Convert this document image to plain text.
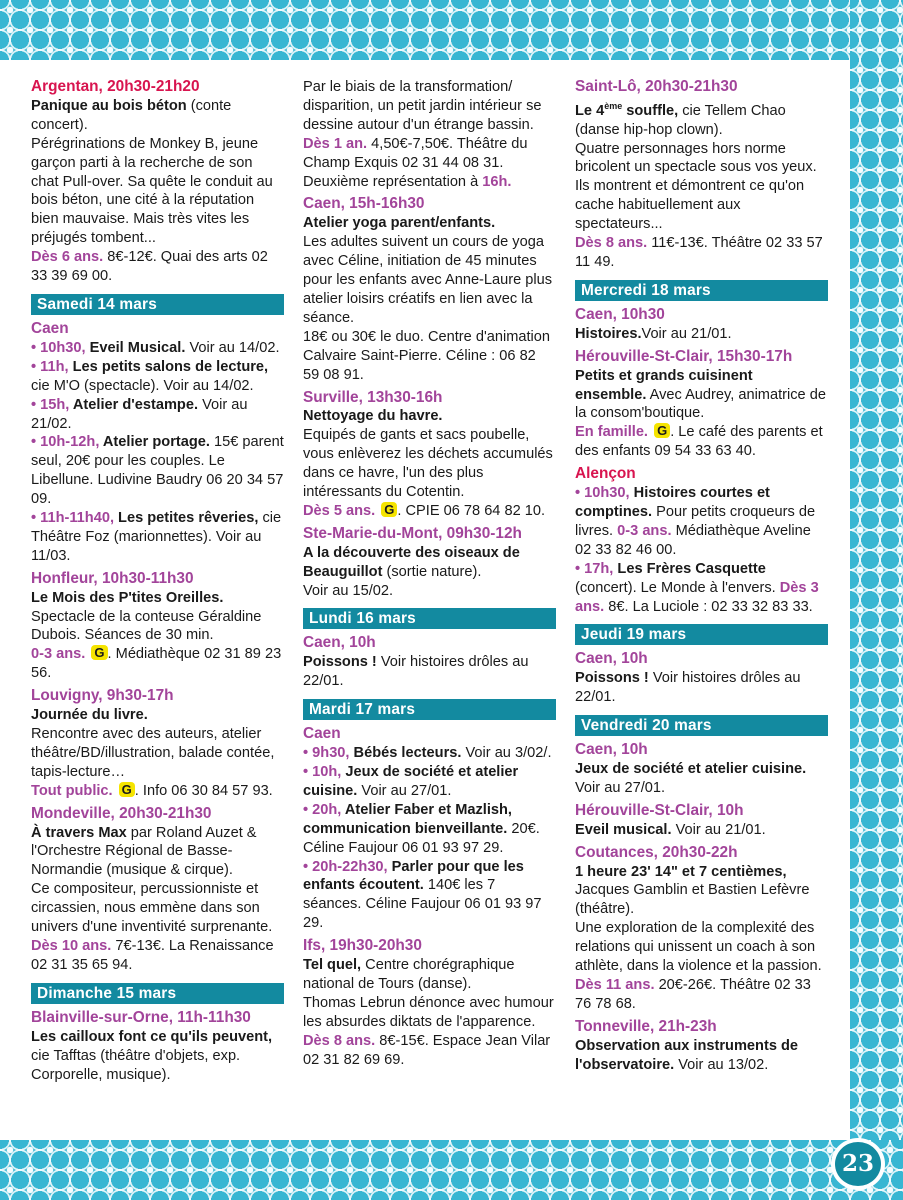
Argentan, 20h30-21h20
Panique au bois béton (conte concert).
Pérégrinations de Monkey B, jeune garçon parti à la recherche de son chat Pull-over. Sa quête le conduit au bois béton, une cité à la réputation bien mauvaise. Mais très vites les préjugés tombent...
Dès 6 ans. 8€-12€. Quai des arts 02 33 39 69 00.
Samedi 14 mars
Caen
• 10h30, Eveil Musical. Voir au 14/02.
• 11h, Les petits salons de lecture, cie M'O (spectacle). Voir au 14/02.
• 15h, Atelier d'estampe. Voir au 21/02.
• 10h-12h, Atelier portage. 15€ parent seul, 20€ pour les couples. Le Libellune. Ludivine Baudry 06 20 34 57 09.
• 11h-11h40, Les petites rêveries, cie Théâtre Foz (marionnettes). Voir au 11/03.
Honfleur, 10h30-11h30
Le Mois des P'tites Oreilles.
Spectacle de la conteuse Géraldine Dubois. Séances de 30 min.
0-3 ans. G . Médiathèque 02 31 89 23 56.
Louvigny, 9h30-17h
Journée du livre.
Rencontre avec des auteurs, atelier théâtre/BD/illustration, balade contée, tapis-lecture…
Tout public. G . Info 06 30 84 57 93.
Mondeville, 20h30-21h30
À travers Max par Roland Auzet & l'Orchestre Régional de Basse-Normandie (musique & cirque).
Ce compositeur, percussionniste et circassien, nous emmène dans son univers d'une inventivité surprenante.
Dès 10 ans. 7€-13€. La Renaissance 02 31 35 65 94.
Dimanche 15 mars
Blainville-sur-Orne, 11h-11h30
Les cailloux font ce qu'ils peuvent, cie Tafftas (théâtre d'objets, exp. Corporelle, musique).
Par le biais de la transformation/ disparition, un petit jardin intérieur se dessine autour d'un étrange bassin.
Dès 1 an. 4,50€-7,50€. Théâtre du Champ Exquis 02 31 44 08 31. Deuxième représentation à 16h.
Caen, 15h-16h30
Atelier yoga parent/enfants.
Les adultes suivent un cours de yoga avec Céline, initiation de 45 minutes pour les enfants avec Anne-Laure plus atelier loisirs créatifs en lien avec la séance.
18€ ou 30€ le duo. Centre d'animation Calvaire Saint-Pierre. Céline : 06 82 59 08 91.
Surville, 13h30-16h
Nettoyage du havre.
Equipés de gants et sacs poubelle, vous enlèverez les déchets accumulés dans ce havre, l'un des plus intéressants du Cotentin.
Dès 5 ans. G . CPIE 06 78 64 82 10.
Ste-Marie-du-Mont, 09h30-12h
A la découverte des oiseaux de Beauguillot (sortie nature).
Voir au 15/02.
Lundi 16 mars
Caen, 10h
Poissons ! Voir histoires drôles au 22/01.
Mardi 17 mars
Caen
• 9h30, Bébés lecteurs. Voir au 3/02/.
• 10h, Jeux de société et atelier cuisine. Voir au 27/01.
• 20h, Atelier Faber et Mazlish, communication bienveillante. 20€. Céline Faujour 06 01 93 97 29.
• 20h-22h30, Parler pour que les enfants écoutent. 140€ les 7 séances. Céline Faujour 06 01 93 97 29.
Ifs, 19h30-20h30
Tel quel, Centre chorégraphique national de Tours (danse).
Thomas Lebrun dénonce avec humour les absurdes diktats de l'apparence.
Dès 8 ans. 8€-15€. Espace Jean Vilar 02 31 82 69 69.
Saint-Lô, 20h30-21h30
Le 4ème souffle, cie Tellem Chao (danse hip-hop clown).
Quatre personnages hors norme bricolent un spectacle sous vos yeux. Ils montrent et démontrent ce qu'on cache habituellement aux spectateurs...
Dès 8 ans. 11€-13€. Théâtre 02 33 57 11 49.
Mercredi 18 mars
Caen, 10h30
Histoires.Voir au 21/01.
Hérouville-St-Clair, 15h30-17h
Petits et grands cuisinent ensemble. Avec Audrey, animatrice de la consom'boutique.
En famille. G . Le café des parents et des enfants 09 54 33 63 40.
Alençon
• 10h30, Histoires courtes et comptines. Pour petits croqueurs de livres. 0-3 ans. Médiathèque Aveline 02 33 82 46 00.
• 17h, Les Frères Casquette (concert). Le Monde à l'envers. Dès 3 ans. 8€. La Luciole : 02 33 32 83 33.
Jeudi 19 mars
Caen, 10h
Poissons ! Voir histoires drôles au 22/01.
Vendredi 20 mars
Caen, 10h
Jeux de société et atelier cuisine. Voir au 27/01.
Hérouville-St-Clair, 10h
Eveil musical. Voir au 21/01.
Coutances, 20h30-22h
1 heure 23' 14" et 7 centièmes, Jacques Gamblin et Bastien Lefèvre (théâtre).
Une exploration de la complexité des relations qui unissent un coach à son athlète, dans la violence et la passion.
Dès 11 ans. 20€-26€. Théâtre 02 33 76 78 68.
Tonneville, 21h-23h
Observation aux instruments de l'observatoire. Voir au 13/02.
23
